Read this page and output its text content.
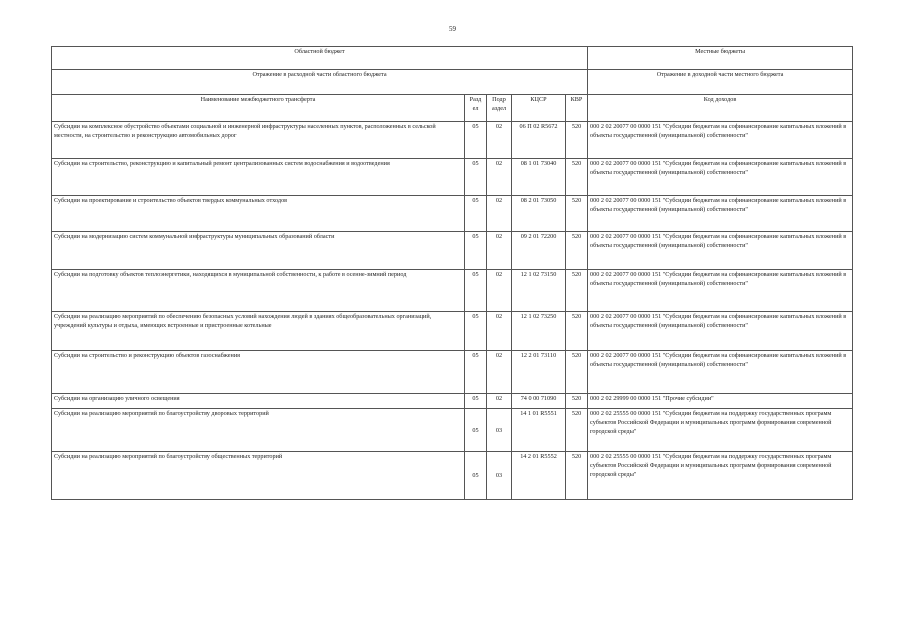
59
Областной бюджет					Местные бюджеты
Отражение в расходной части областного бюджета					Отражение в доходной части местного бюджета
Наименование межбюджетного трансферта	Разд ел	Подр аздел	КЦСР	КВР	Код доходов
Субсидии на комплексное обустройство объектами социальной и инженерной инфраструктуры населенных пунктов, расположенных в сельской местности, на строительство и реконструкцию автомобильных дорог	05	02	06 П 02 R5672	520	000 2 02 20077 00 0000 151 "Субсидии бюджетам на софинансирование капитальных вложений в объекты государственной (муниципальной) собственности"
Субсидии на строительство, реконструкцию и капитальный ремонт централизованных систем водоснабжения и водоотведения	05	02	08 1 01 73040	520	000 2 02 20077 00 0000 151 "Субсидии бюджетам на софинансирование капитальных вложений в объекты государственной (муниципальной) собственности"
Субсидии на проектирование и строительство объектов твердых коммунальных отходов	05	02	08 2 01 73050	520	000 2 02 20077 00 0000 151 "Субсидии бюджетам на софинансирование капитальных вложений в объекты государственной (муниципальной) собственности"
Субсидии на модернизацию систем коммунальной инфраструктуры муниципальных образований области	05	02	09 2 01 72200	520	000 2 02 20077 00 0000 151 "Субсидии бюджетам на софинансирование капитальных вложений в объекты государственной (муниципальной) собственности"
Субсидии на подготовку объектов теплоэнергетики, находящихся в муниципальной собственности, к работе в осенне-зимний период	05	02	12 1 02 73150	520	000 2 02 20077 00 0000 151 "Субсидии бюджетам на софинансирование капитальных вложений в объекты государственной (муниципальной) собственности"
Субсидии на реализацию мероприятий по обеспечению безопасных условий нахождения людей в зданиях общеобразовательных организаций, учреждений культуры и отдыха, имеющих встроенные и пристроенные котельные	05	02	12 1 02 73250	520	000 2 02 20077 00 0000 151 "Субсидии бюджетам на софинансирование капитальных вложений в объекты государственной (муниципальной) собственности"
Субсидии на строительство и реконструкцию объектов газоснабжения	05	02	12 2 01 73110	520	000 2 02 20077 00 0000 151 "Субсидии бюджетам на софинансирование капитальных вложений в объекты государственной (муниципальной) собственности"
Субсидии на организацию уличного освещения	05	02	74 0 00 71090	520	000 2 02 29999 00 0000 151 "Прочие субсидии"
Субсидии на реализацию мероприятий по благоустройству дворовых территорий	05	03	14 1 01 R5551	520	000 2 02 25555 00 0000 151 "Субсидии бюджетам на поддержку государственных программ субъектов Российской Федерации и муниципальных программ формирования современной городской среды"
Субсидии на реализацию мероприятий по благоустройству общественных территорий	05	03	14 2 01 R5552	520	000 2 02 25555 00 0000 151 "Субсидии бюджетам на поддержку государственных программ субъектов Российской Федерации и муниципальных программ формирования современной городской среды"
